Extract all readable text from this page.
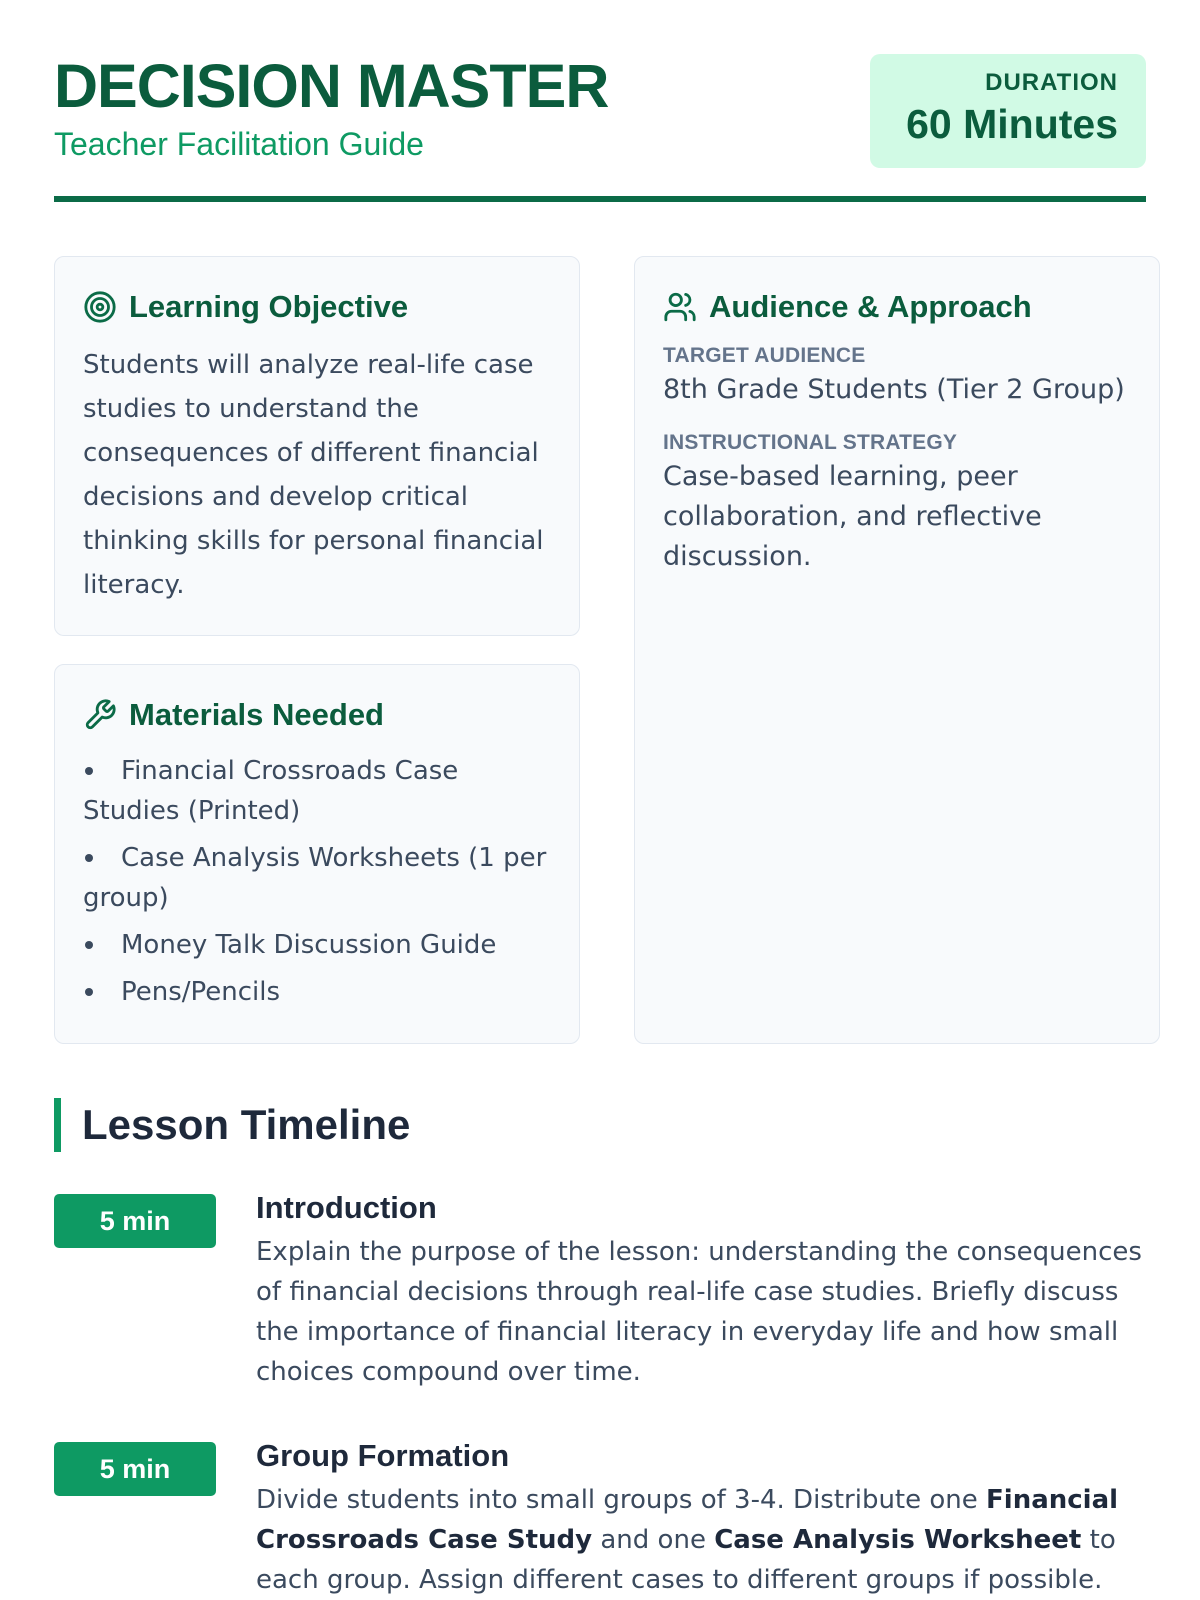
DECISION MASTER
Teacher Facilitation Guide
DURATION
60 Minutes
Learning Objective
Students will analyze real-life case studies to understand the consequences of different financial decisions and develop critical thinking skills for personal financial literacy.
Materials Needed
Financial Crossroads Case Studies (Printed)
Case Analysis Worksheets (1 per group)
Money Talk Discussion Guide
Pens/Pencils
Audience & Approach
TARGET AUDIENCE
8th Grade Students (Tier 2 Group)
INSTRUCTIONAL STRATEGY
Case-based learning, peer collaboration, and reflective discussion.
Lesson Timeline
5 min	Introduction
Explain the purpose of the lesson: understanding the consequences of financial decisions through real-life case studies. Briefly discuss the importance of financial literacy in everyday life and how small choices compound over time.
5 min	Group Formation
Divide students into small groups of 3-4. Distribute one Financial Crossroads Case Study and one Case Analysis Worksheet to each group. Assign different cases to different groups if possible.
